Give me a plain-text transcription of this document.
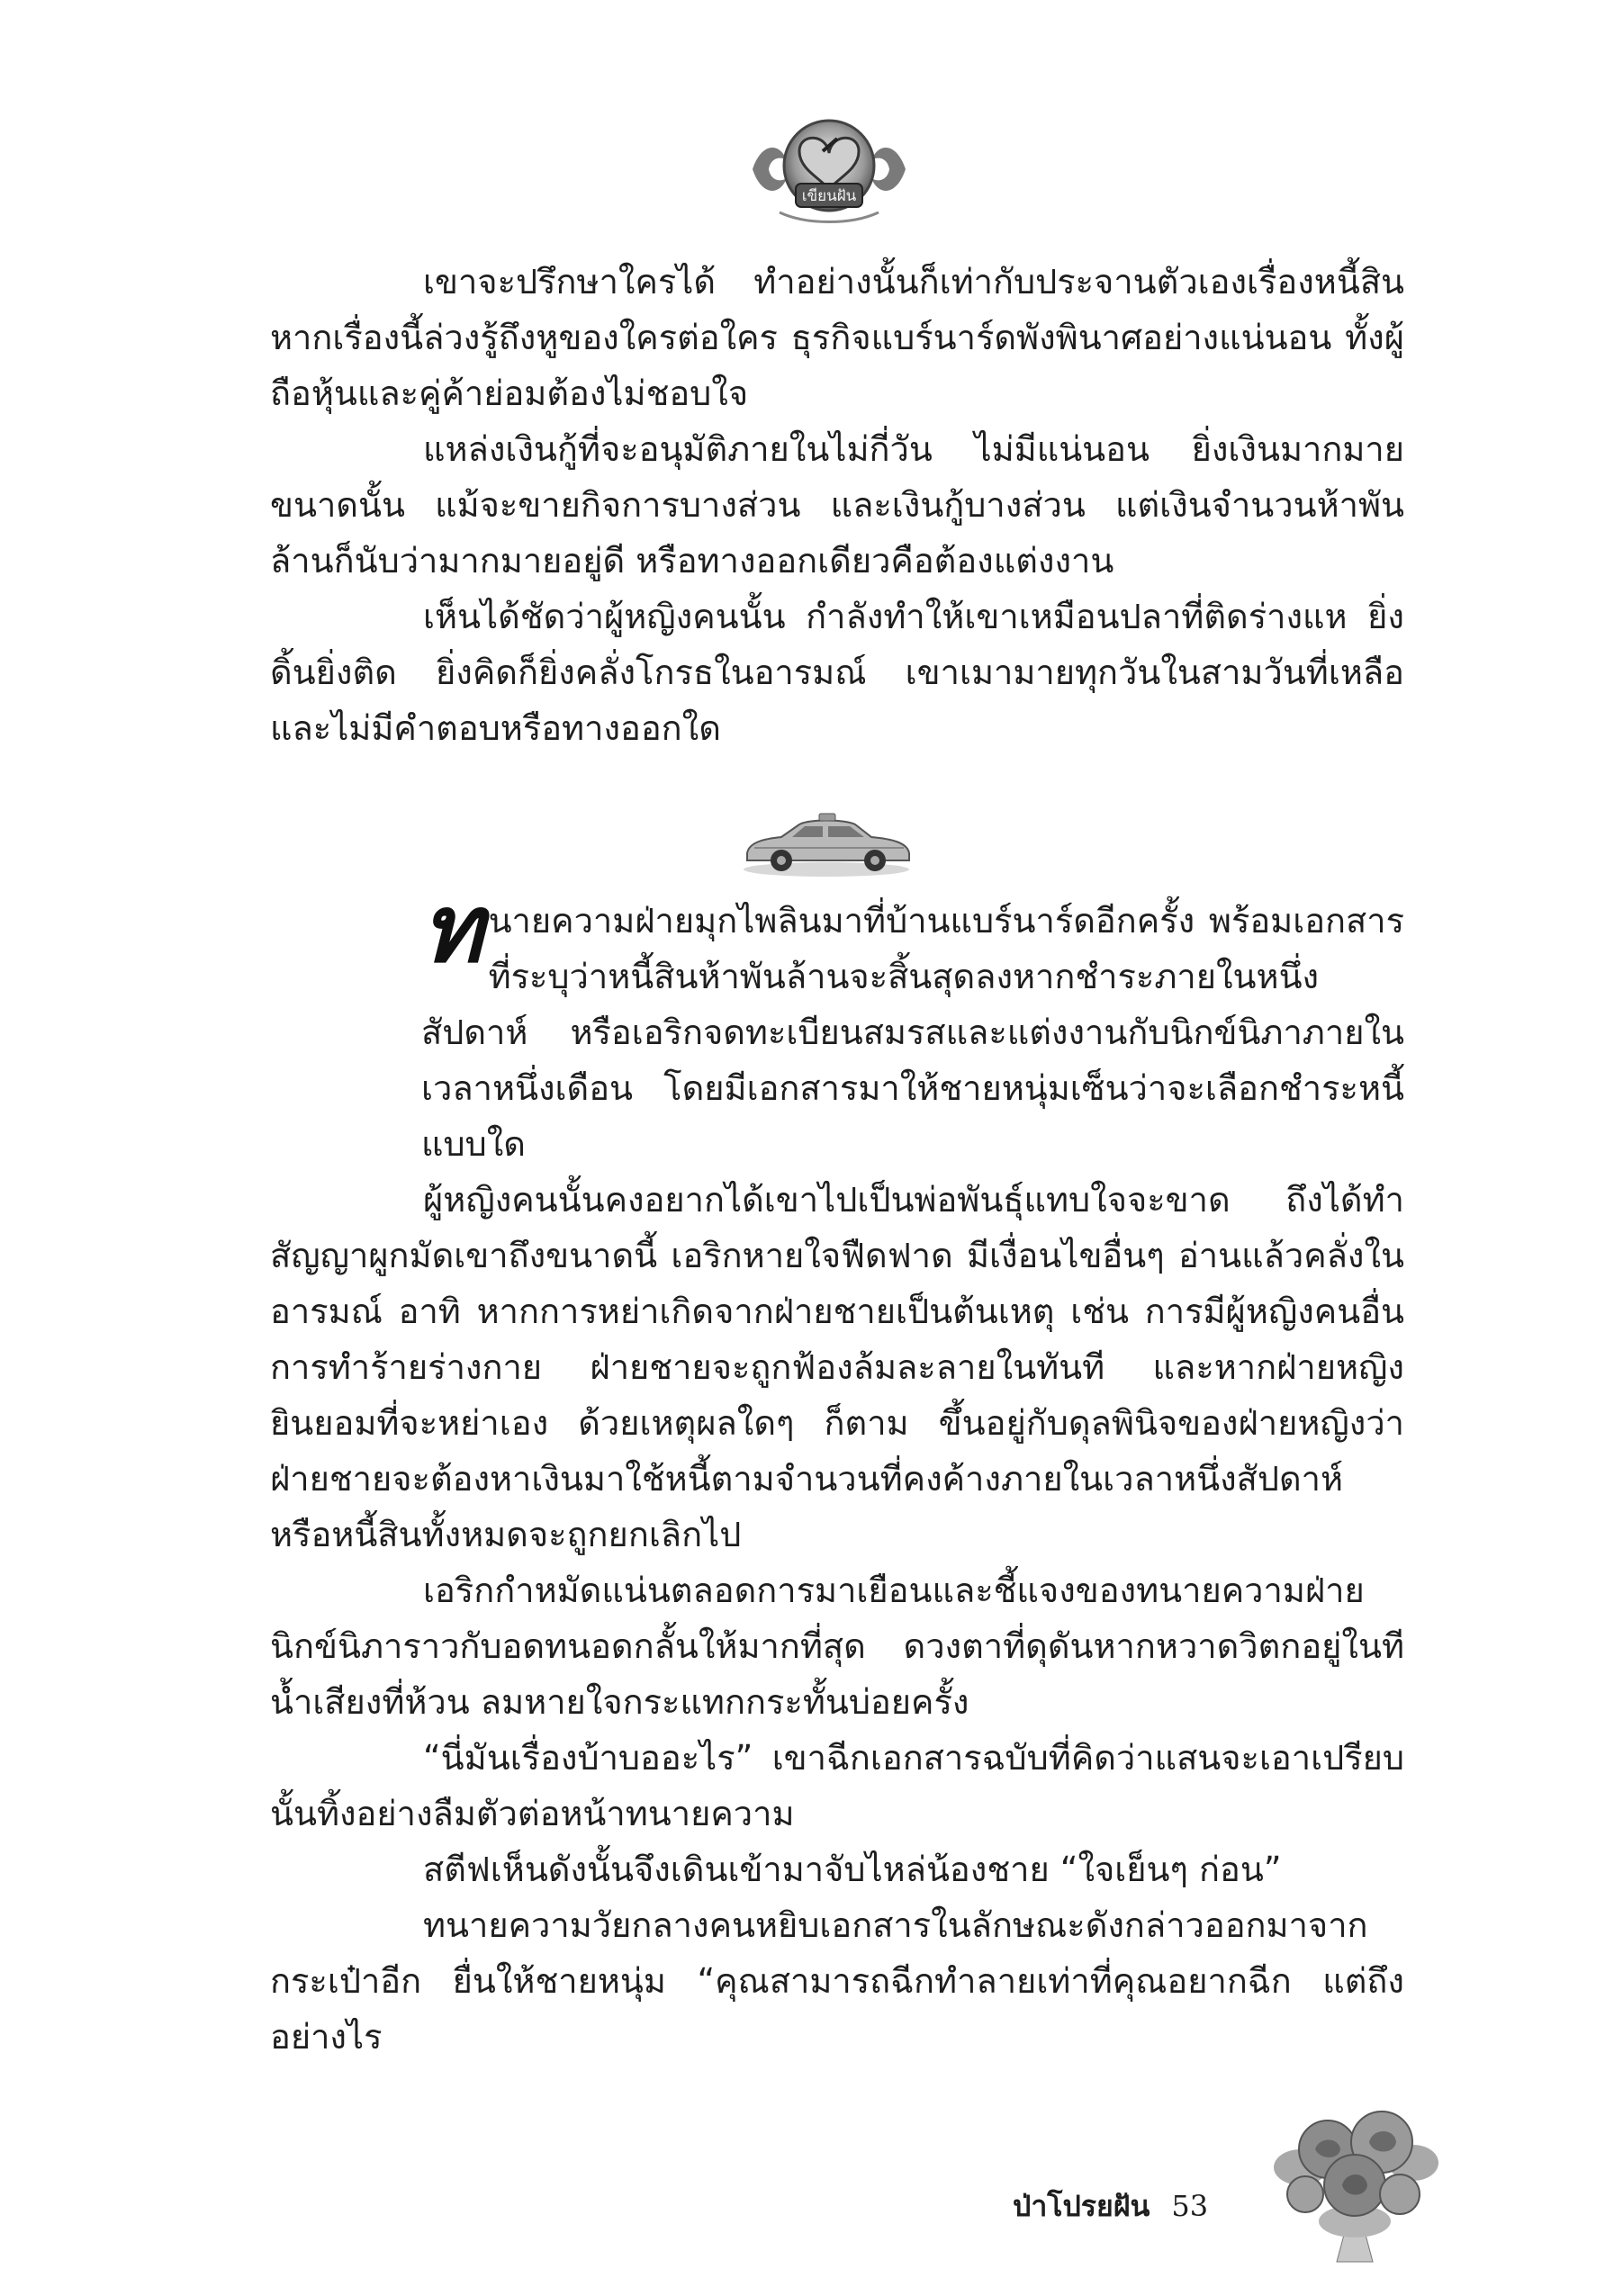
เขียนฝัน

เขาจะปรึกษาใครได้ ทำอย่างนั้นก็เท่ากับประจานตัวเองเรื่องหนี้สิน หากเรื่องนี้ล่วงรู้ถึงหูของใครต่อใคร ธุรกิจแบร์นาร์ดพังพินาศอย่างแน่นอน ทั้งผู้ถือหุ้นและคู่ค้าย่อมต้องไม่ชอบใจ

แหล่งเงินกู้ที่จะอนุมัติภายในไม่กี่วัน ไม่มีแน่นอน ยิ่งเงินมากมายขนาดนั้น แม้จะขายกิจการบางส่วน และเงินกู้บางส่วน แต่เงินจำนวนห้าพันล้านก็นับว่ามากมายอยู่ดี หรือทางออกเดียวคือต้องแต่งงาน

เห็นได้ชัดว่าผู้หญิงคนนั้น กำลังทำให้เขาเหมือนปลาที่ติดร่างแห ยิ่งดิ้นยิ่งติด ยิ่งคิดก็ยิ่งคลั่งโกรธในอารมณ์ เขาเมามายทุกวันในสามวันที่เหลือ และไม่มีคำตอบหรือทางออกใด

ทนายความฝ่ายมุกไพลินมาที่บ้านแบร์นาร์ดอีกครั้ง พร้อมเอกสารที่ระบุว่าหนี้สินห้าพันล้านจะสิ้นสุดลงหากชำระภายในหนึ่งสัปดาห์ หรือเอริกจดทะเบียนสมรสและแต่งงานกับนิกข์นิภาภายในเวลาหนึ่งเดือน โดยมีเอกสารมาให้ชายหนุ่มเซ็นว่าจะเลือกชำระหนี้แบบใด

ผู้หญิงคนนั้นคงอยากได้เขาไปเป็นพ่อพันธุ์แทบใจจะขาด ถึงได้ทำสัญญาผูกมัดเขาถึงขนาดนี้ เอริกหายใจฟืดฟาด มีเงื่อนไขอื่นๆ อ่านแล้วคลั่งในอารมณ์ อาทิ หากการหย่าเกิดจากฝ่ายชายเป็นต้นเหตุ เช่น การมีผู้หญิงคนอื่น การทำร้ายร่างกาย ฝ่ายชายจะถูกฟ้องล้มละลายในทันที และหากฝ่ายหญิงยินยอมที่จะหย่าเอง ด้วยเหตุผลใดๆ ก็ตาม ขึ้นอยู่กับดุลพินิจของฝ่ายหญิงว่าฝ่ายชายจะต้องหาเงินมาใช้หนี้ตามจำนวนที่คงค้างภายในเวลาหนึ่งสัปดาห์ หรือหนี้สินทั้งหมดจะถูกยกเลิกไป

เอริกกำหมัดแน่นตลอดการมาเยือนและชี้แจงของทนายความฝ่ายนิกข์นิภาราวกับอดทนอดกลั้นให้มากที่สุด ดวงตาที่ดุดันหากหวาดวิตกอยู่ในที น้ำเสียงที่ห้วน ลมหายใจกระแทกกระทั้นบ่อยครั้ง

“นี่มันเรื่องบ้าบออะไร” เขาฉีกเอกสารฉบับที่คิดว่าแสนจะเอาเปรียบนั้นทิ้งอย่างลืมตัวต่อหน้าทนายความ

สตีฟเห็นดังนั้นจึงเดินเข้ามาจับไหล่น้องชาย “ใจเย็นๆ ก่อน”

ทนายความวัยกลางคนหยิบเอกสารในลักษณะดังกล่าวออกมาจากกระเป๋าอีก ยื่นให้ชายหนุ่ม “คุณสามารถฉีกทำลายเท่าที่คุณอยากฉีก แต่ถึงอย่างไร

ป่าโปรยฝัน 53
